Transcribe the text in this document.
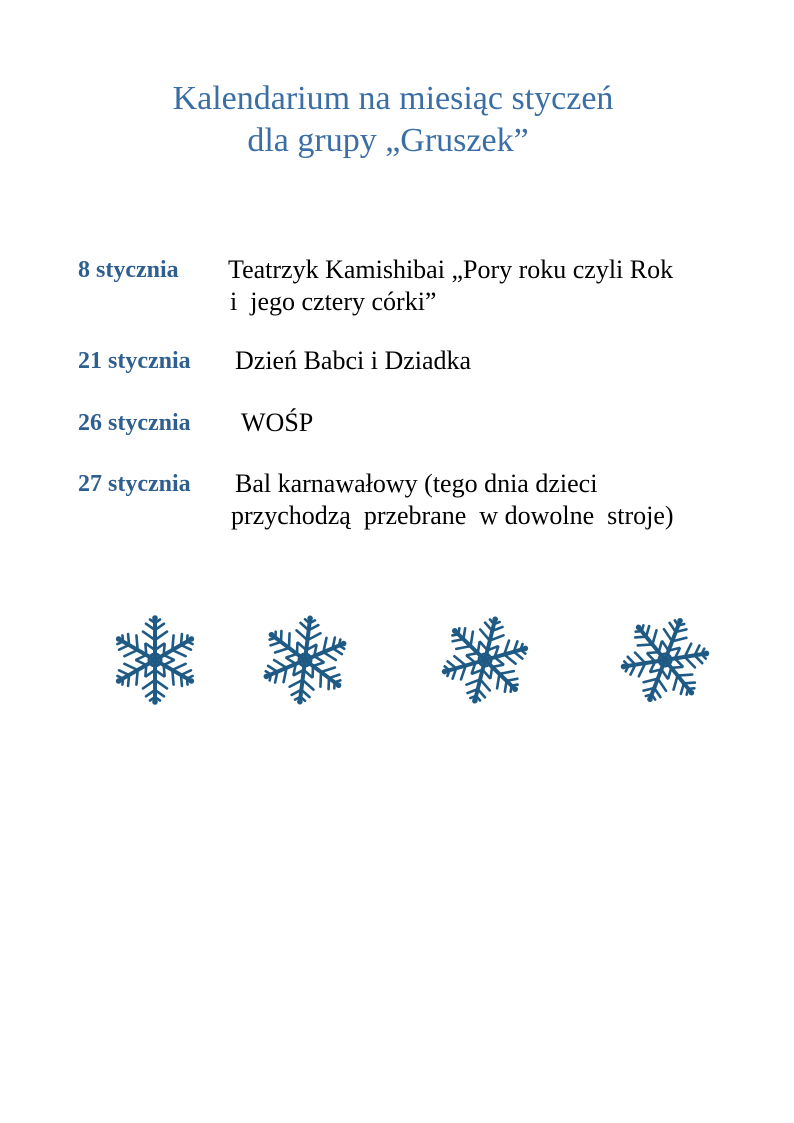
Kalendarium na miesiąc styczeń
dla grupy „Gruszek”
8 stycznia Teatrzyk Kamishibai „Pory roku czyli Rok
i  jego cztery córki”
21 stycznia Dzień Babci i Dziadka
26 stycznia WOŚP
27 stycznia Bal karnawałowy (tego dnia dzieci
przychodzą  przebrane  w dowolne  stroje)
